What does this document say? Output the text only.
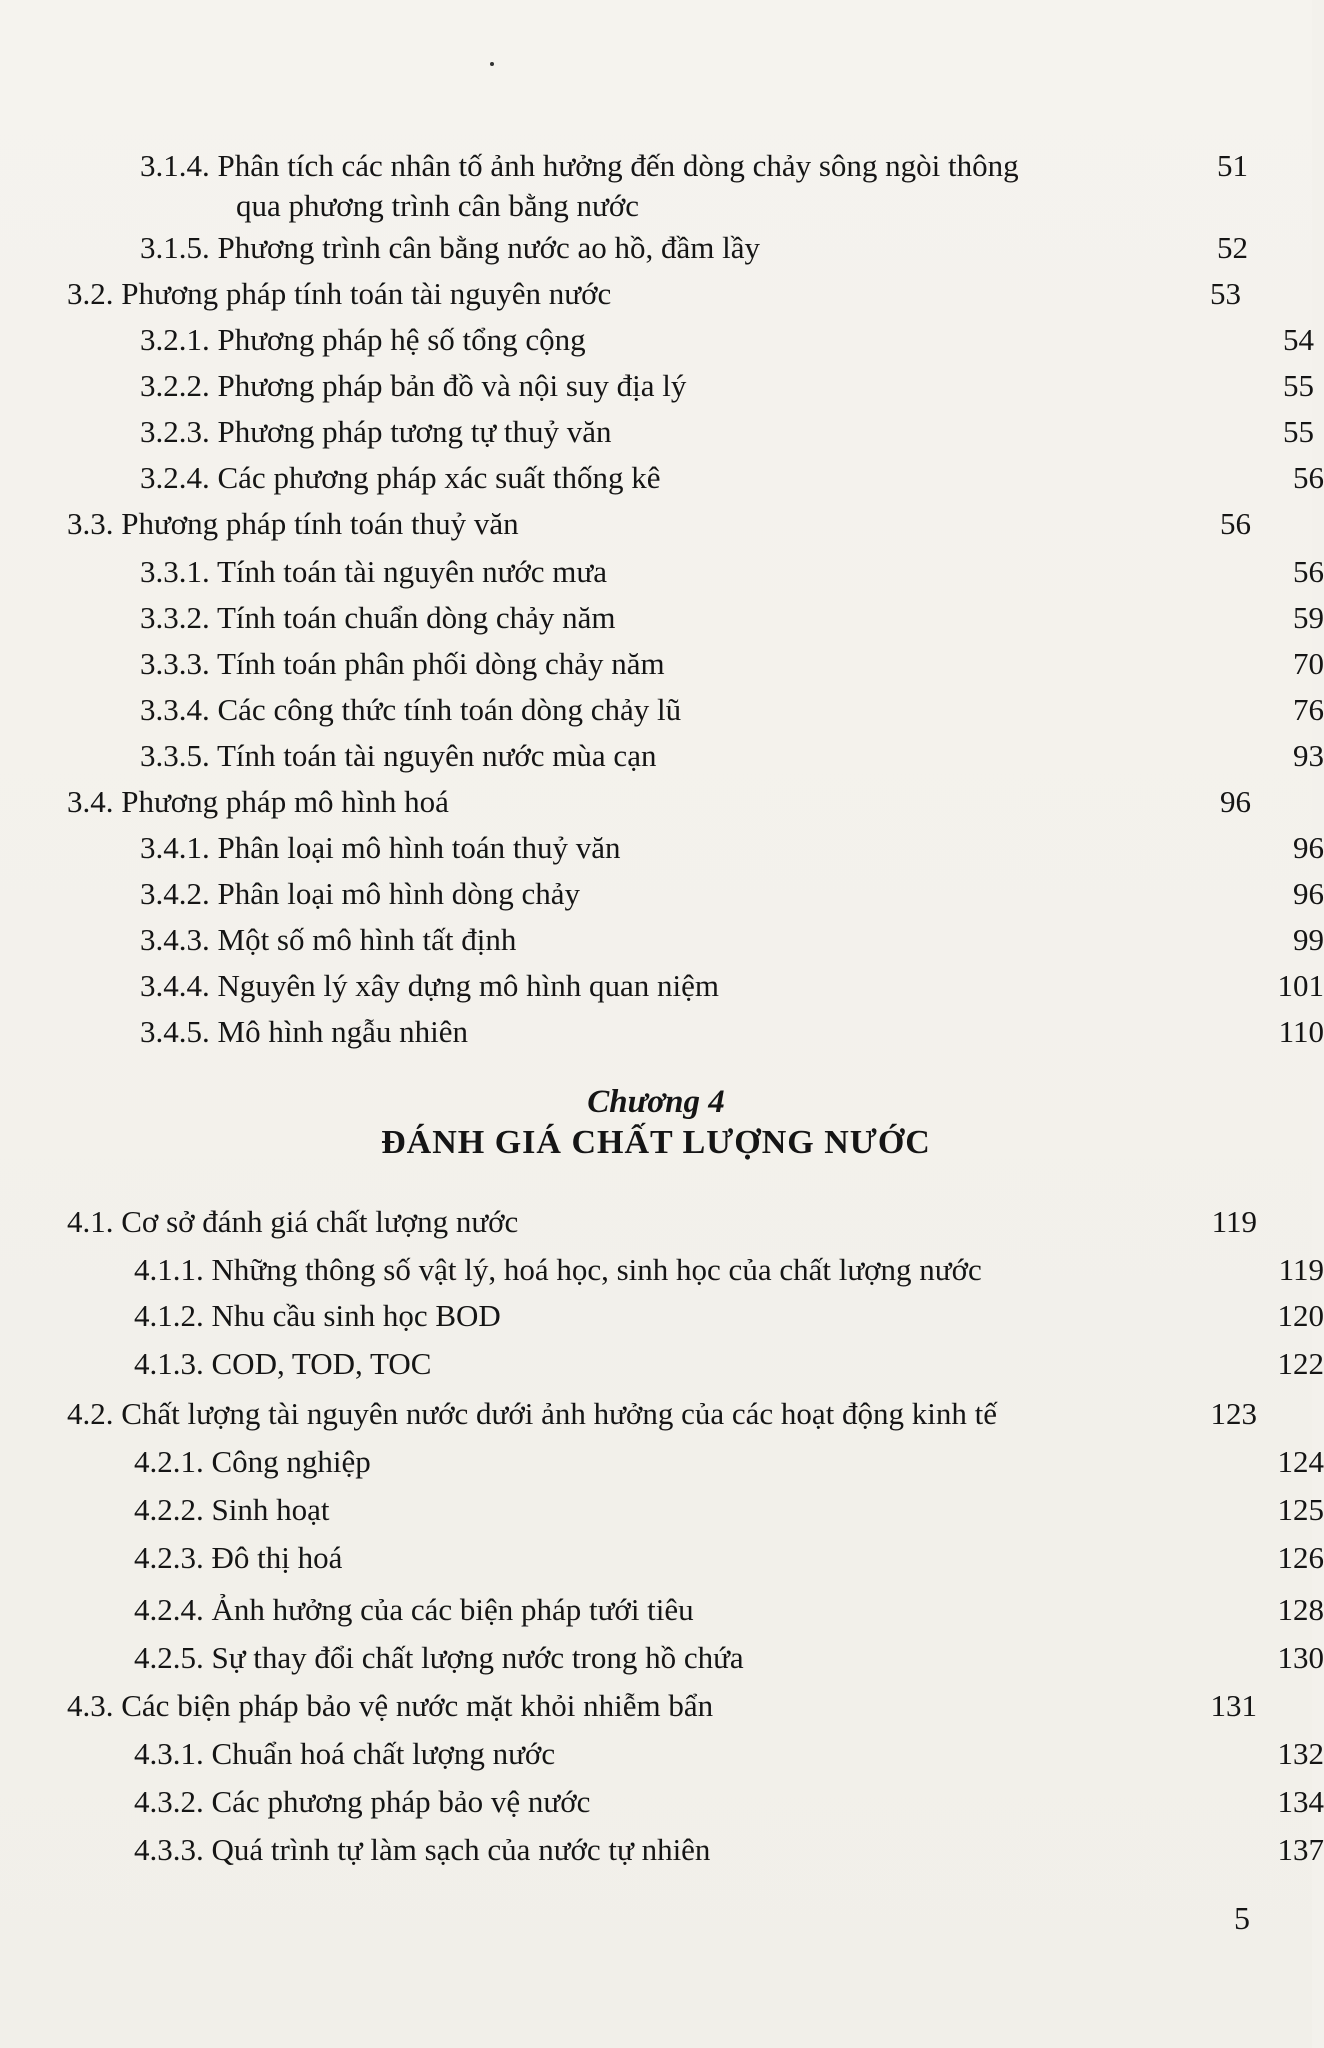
3.1.4. Phân tích các nhân tố ảnh hưởng đến dòng chảy sông ngòi thông	51
qua phương trình cân bằng nước
3.1.5. Phương trình cân bằng nước ao hồ, đầm lầy	52
3.2. Phương pháp tính toán tài nguyên nước	53
3.2.1. Phương pháp hệ số tổng cộng	54
3.2.2. Phương pháp bản đồ và nội suy địa lý	55
3.2.3. Phương pháp tương tự thuỷ văn	55
3.2.4. Các phương pháp xác suất thống kê	56
3.3. Phương pháp tính toán thuỷ văn	56
3.3.1. Tính toán tài nguyên nước mưa	56
3.3.2. Tính toán chuẩn dòng chảy năm	59
3.3.3. Tính toán phân phối dòng chảy năm	70
3.3.4. Các công thức tính toán dòng chảy lũ	76
3.3.5. Tính toán tài nguyên nước mùa cạn	93
3.4. Phương pháp mô hình hoá	96
3.4.1. Phân loại mô hình toán thuỷ văn	96
3.4.2. Phân loại mô hình dòng chảy	96
3.4.3. Một số mô hình tất định	99
3.4.4. Nguyên lý xây dựng mô hình quan niệm	101
3.4.5. Mô hình ngẫu nhiên	110
Chương 4
ĐÁNH GIÁ CHẤT LƯỢNG NƯỚC
4.1. Cơ sở đánh giá chất lượng nước	119
4.1.1. Những thông số vật lý, hoá học, sinh học của chất lượng nước	119
4.1.2. Nhu cầu sinh học BOD	120
4.1.3. COD, TOD, TOC	122
4.2. Chất lượng tài nguyên nước dưới ảnh hưởng của các hoạt động kinh tế	123
4.2.1. Công nghiệp	124
4.2.2. Sinh hoạt	125
4.2.3. Đô thị hoá	126
4.2.4. Ảnh hưởng của các biện pháp tưới tiêu	128
4.2.5. Sự thay đổi chất lượng nước trong hồ chứa	130
4.3. Các biện pháp bảo vệ nước mặt khỏi nhiễm bẩn	131
4.3.1. Chuẩn hoá chất lượng nước	132
4.3.2. Các phương pháp bảo vệ nước	134
4.3.3. Quá trình tự làm sạch của nước tự nhiên	137
5
